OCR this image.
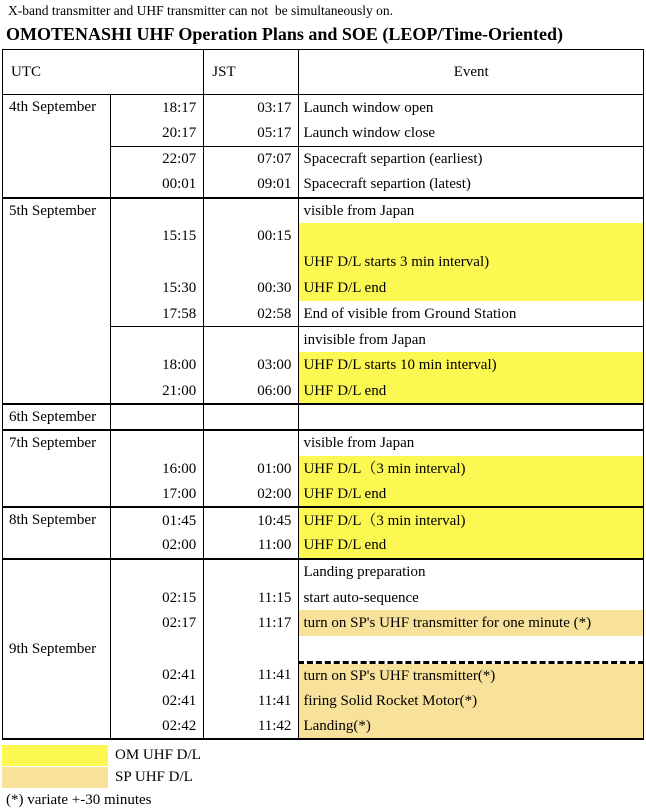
X-band transmitter and UHF transmitter can not  be simultaneously on.
OMOTENASHI UHF Operation Plans and SOE (LEOP/Time-Oriented)
UTC		JST	Event
4th September	18:17	03:17	Launch window open
	20:17	05:17	Launch window close
	22:07	07:07	Spacecraft separtion (earliest)
	00:01	09:01	Spacecraft separtion (latest)
5th September			visible from Japan
	15:15	00:15	UHF D/L starts 3 min interval)

	15:30	00:30	UHF D/L end
	17:58	02:58	End of visible from Ground Station
			invisible from Japan
	18:00	03:00	UHF D/L starts 10 min interval)
	21:00	06:00	UHF D/L end
6th September			
7th September			visible from Japan
	16:00	01:00	UHF D/L（3 min interval)
	17:00	02:00	UHF D/L end
8th September	01:45	10:45	UHF D/L（3 min interval)
	02:00	11:00	UHF D/L end
9th September			Landing preparation
	02:15	11:15	start auto-sequence
	02:17	11:17	turn on SP's UHF transmitter for one minute (*)

	02:41	11:41	turn on SP's UHF transmitter(*)
	02:41	11:41	firing Solid Rocket Motor(*)
	02:42	11:42	Landing(*)
OM UHF D/L
SP UHF D/L
(*) variate +-30 minutes
